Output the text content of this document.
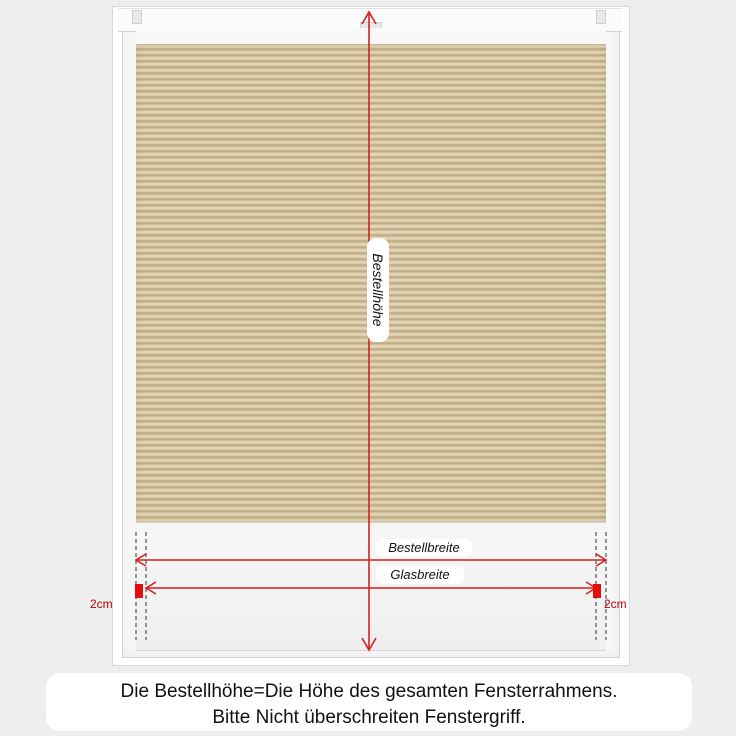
Bestellhöhe
Bestellbreite
Glasbreite
2cm	2cm
Die Bestellhöhe=Die Höhe des gesamten Fensterrahmens.
Bitte Nicht überschreiten Fenstergriff.
